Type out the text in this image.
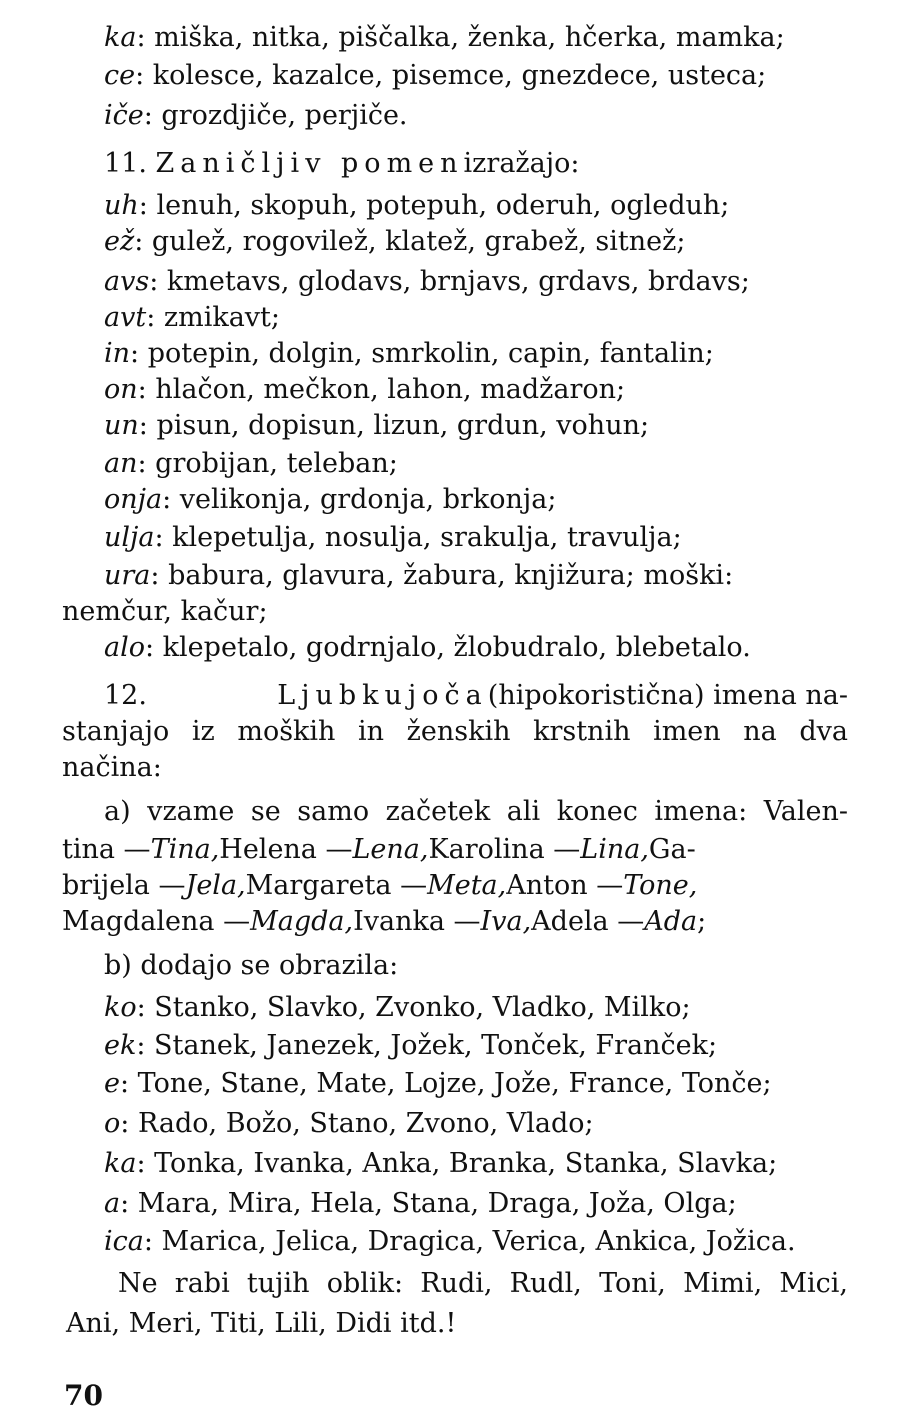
ka: miška, nitka, piščalka, ženka, hčerka, mamka;
ce: kolesce, kazalce, pisemce, gnezdece, usteca;
iče: grozdjiče, perjiče.
11. Zaničljiv pomenizražajo:
uh: lenuh, skopuh, potepuh, oderuh, ogleduh;
ež: gulež, rogovilež, klatež, grabež, sitnež;
avs: kmetavs, glodavs, brnjavs, grdavs, brdavs;
avt: zmikavt;
in: potepin, dolgin, smrkolin, capin, fantalin;
on: hlačon, mečkon, lahon, madžaron;
un: pisun, dopisun, lizun, grdun, vohun;
an: grobijan, teleban;
onja: velikonja, grdonja, brkonja;
ulja: klepetulja, nosulja, srakulja, travulja;
ura: babura, glavura, žabura, knjižura; moški:
nemčur, kačur;
alo: klepetalo, godrnjalo, žlobudralo, blebetalo.
12.	Ljubkujoča(hipokoristična) imena na-
stanjajo iz moških in ženskih krstnih imen na dva
načina:
a) vzame se samo začetek ali konec imena: Valen-
tina —Tina,Helena —Lena,Karolina —Lina,Ga-
brijela —Jela,Margareta —Meta,Anton —Tone,
Magdalena —Magda,Ivanka —Iva,Adela —Ada;
b) dodajo se obrazila:
ko: Stanko, Slavko, Zvonko, Vladko, Milko;
ek: Stanek, Janezek, Jožek, Tonček, Franček;
e: Tone, Stane, Mate, Lojze, Jože, France, Tonče;
o: Rado, Božo, Stano, Zvono, Vlado;
ka: Tonka, Ivanka, Anka, Branka, Stanka, Slavka;
a: Mara, Mira, Hela, Stana, Draga, Joža, Olga;
ica: Marica, Jelica, Dragica, Verica, Ankica, Jožica.
Ne rabi tujih oblik: Rudi, Rudl, Toni, Mimi, Mici,
Ani, Meri, Titi, Lili, Didi itd.!
70
